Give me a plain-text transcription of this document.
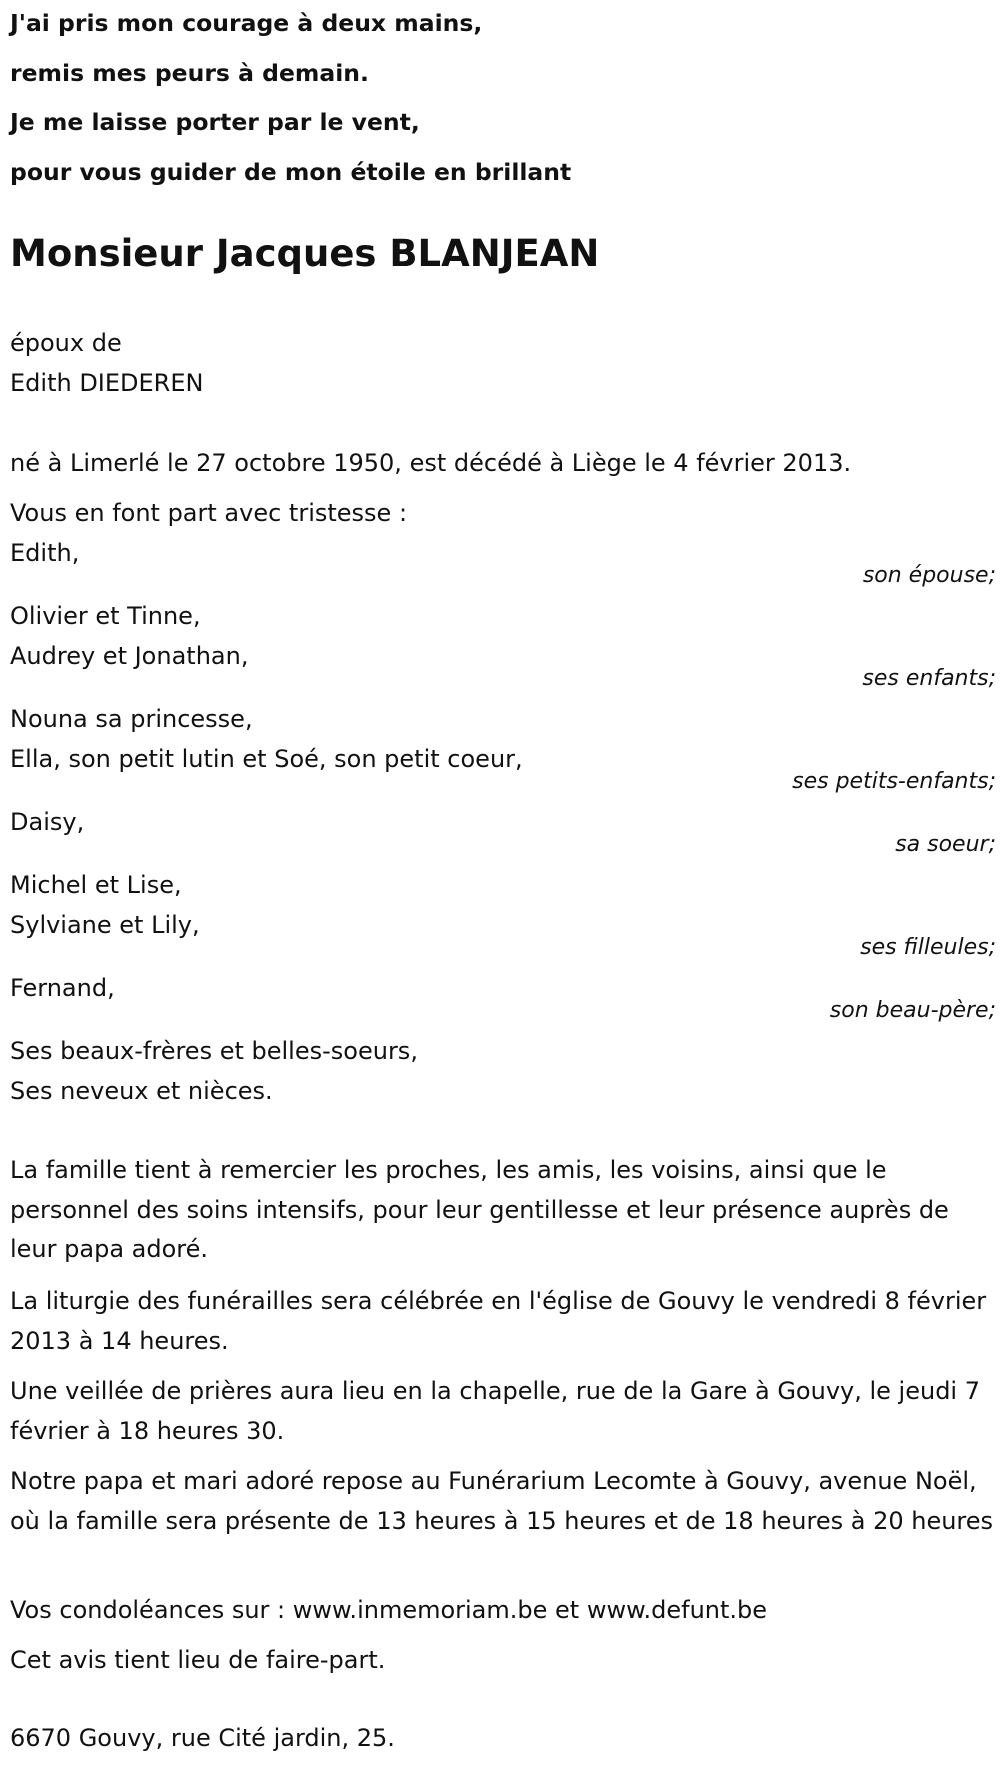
J'ai pris mon courage à deux mains,
remis mes peurs à demain.
Je me laisse porter par le vent,
pour vous guider de mon étoile en brillant
Monsieur Jacques BLANJEAN
époux de
Edith DIEDEREN
né à Limerlé le 27 octobre 1950, est décédé à Liège le 4 février 2013.
Vous en font part avec tristesse :
Edith,
son épouse;
Olivier et Tinne,
Audrey et Jonathan,
ses enfants;
Nouna sa princesse,
Ella, son petit lutin et Soé, son petit coeur,
ses petits-enfants;
Daisy,
sa soeur;
Michel et Lise,
Sylviane et Lily,
ses filleules;
Fernand,
son beau-père;
Ses beaux-frères et belles-soeurs,
Ses neveux et nièces.
La famille tient à remercier les proches, les amis, les voisins, ainsi que le personnel des soins intensifs, pour leur gentillesse et leur présence auprès de leur papa adoré.
La liturgie des funérailles sera célébrée en l'église de Gouvy le vendredi 8 février 2013 à 14 heures.
Une veillée de prières aura lieu en la chapelle, rue de la Gare à Gouvy, le jeudi 7 février à 18 heures 30.
Notre papa et mari adoré repose au Funérarium Lecomte à Gouvy, avenue Noël, où la famille sera présente de 13 heures à 15 heures et de 18 heures à 20 heures
Vos condoléances sur : www.inmemoriam.be et www.defunt.be
Cet avis tient lieu de faire-part.
6670 Gouvy, rue Cité jardin, 25.
